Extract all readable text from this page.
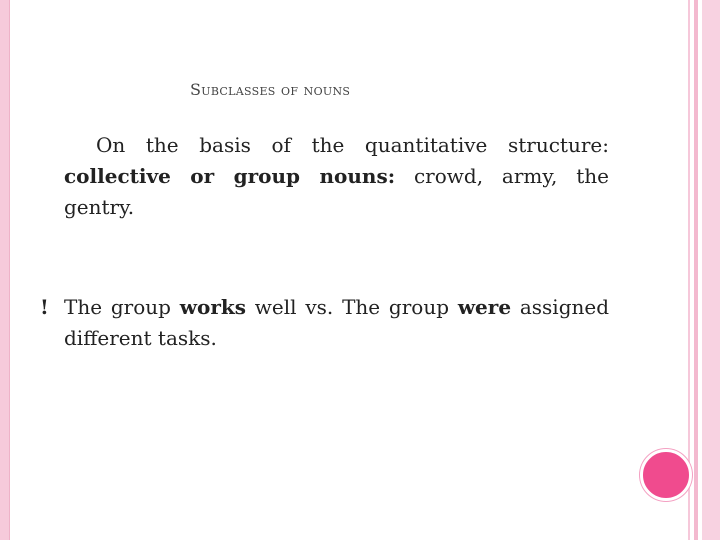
Subclasses of nouns
On the basis of the quantitative structure: collective or group nouns: crowd, army, the gentry.
! The group works well vs. The group were assigned different tasks.
